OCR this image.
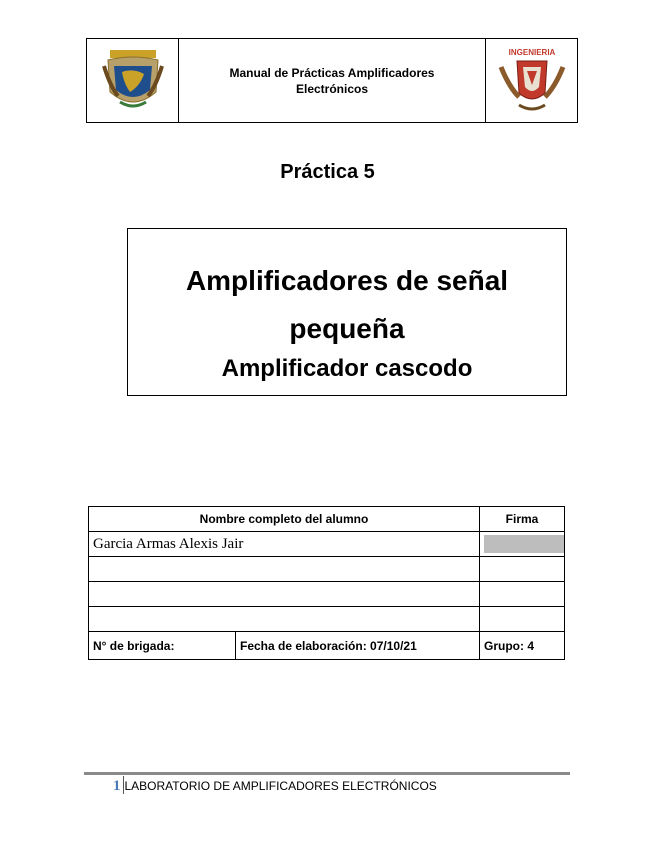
Manual de Prácticas Amplificadores
Electrónicos
INGENIERIA
Práctica 5
Amplificadores de señal
pequeña
Amplificador cascodo
Nombre completo del alumno		Firma
Garcia Armas Alexis Jair		

N° de brigada:	Fecha de elaboración: 07/10/21	Grupo: 4
1 LABORATORIO DE AMPLIFICADORES ELECTRÓNICOS
